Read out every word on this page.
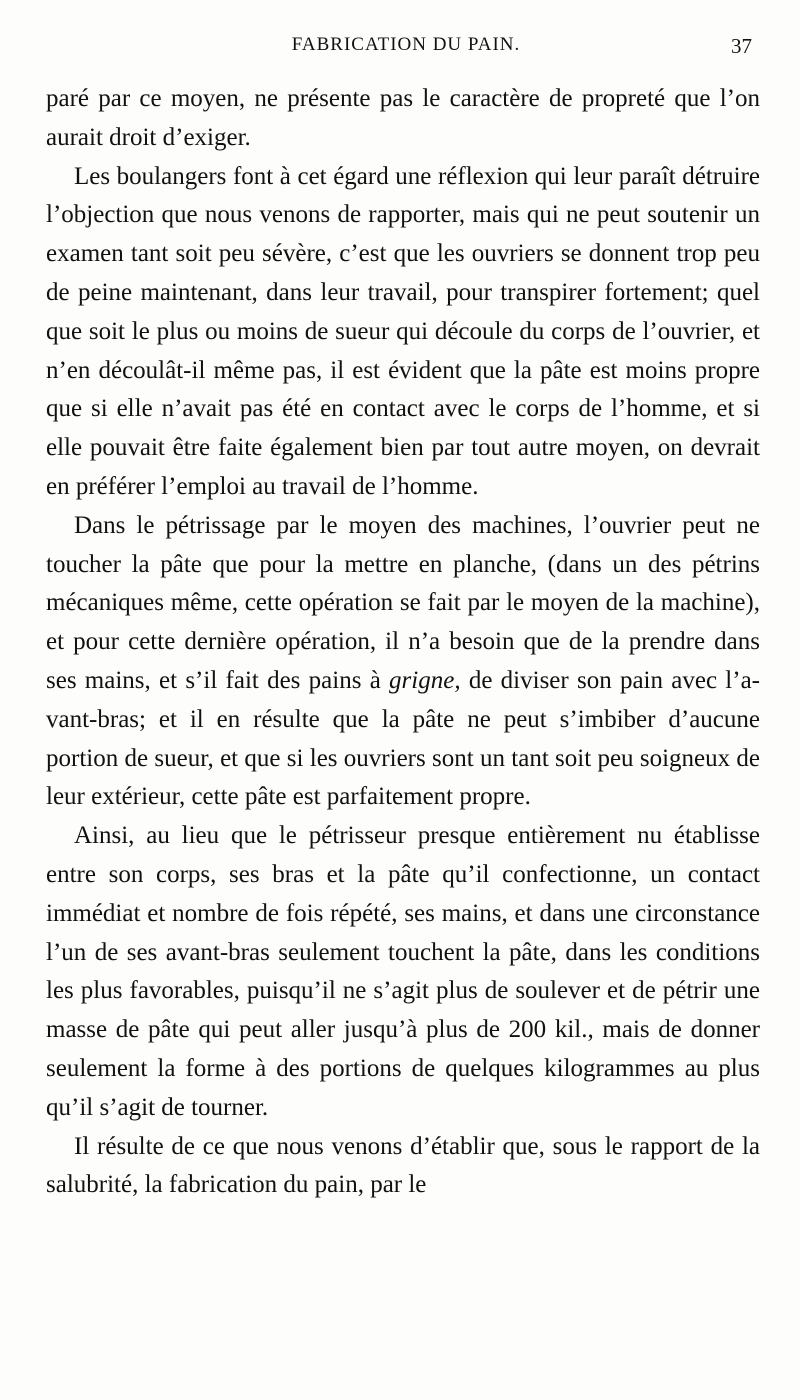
FABRICATION DU PAIN.	37

paré par ce moyen, ne présente pas le caractère de propreté que l’on aurait droit d’exiger.

Les boulangers font à cet égard une réflexion qui leur paraît détruire l’objection que nous venons de rapporter, mais qui ne peut soutenir un examen tant soit peu sévère, c’est que les ouvriers se donnent trop peu de peine maintenant, dans leur travail, pour transpirer fortement; quel que soit le plus ou moins de sueur qui découle du corps de l’ouvrier, et n’en découlât-il même pas, il est évident que la pâte est moins propre que si elle n’avait pas été en contact avec le corps de l’homme, et si elle pouvait être faite également bien par tout autre moyen, on devrait en préférer l’emploi au travail de l’homme.

Dans le pétrissage par le moyen des machines, l’ouvrier peut ne toucher la pâte que pour la mettre en planche, (dans un des pétrins mécaniques même, cette opération se fait par le moyen de la machine), et pour cette dernière opération, il n’a besoin que de la prendre dans ses mains, et s’il fait des pains à grigne, de diviser son pain avec l’avant-bras; et il en résulte que la pâte ne peut s’imbiber d’aucune portion de sueur, et que si les ouvriers sont un tant soit peu soigneux de leur extérieur, cette pâte est parfaitement propre.

Ainsi, au lieu que le pétrisseur presque entièrement nu établisse entre son corps, ses bras et la pâte qu’il confectionne, un contact immédiat et nombre de fois répété, ses mains, et dans une circonstance l’un de ses avant-bras seulement touchent la pâte, dans les conditions les plus favorables, puisqu’il ne s’agit plus de soulever et de pétrir une masse de pâte qui peut aller jusqu’à plus de 200 kil., mais de donner seulement la forme à des portions de quelques kilogrammes au plus qu’il s’agit de tourner.

Il résulte de ce que nous venons d’établir que, sous le rapport de la salubrité, la fabrication du pain, par le
